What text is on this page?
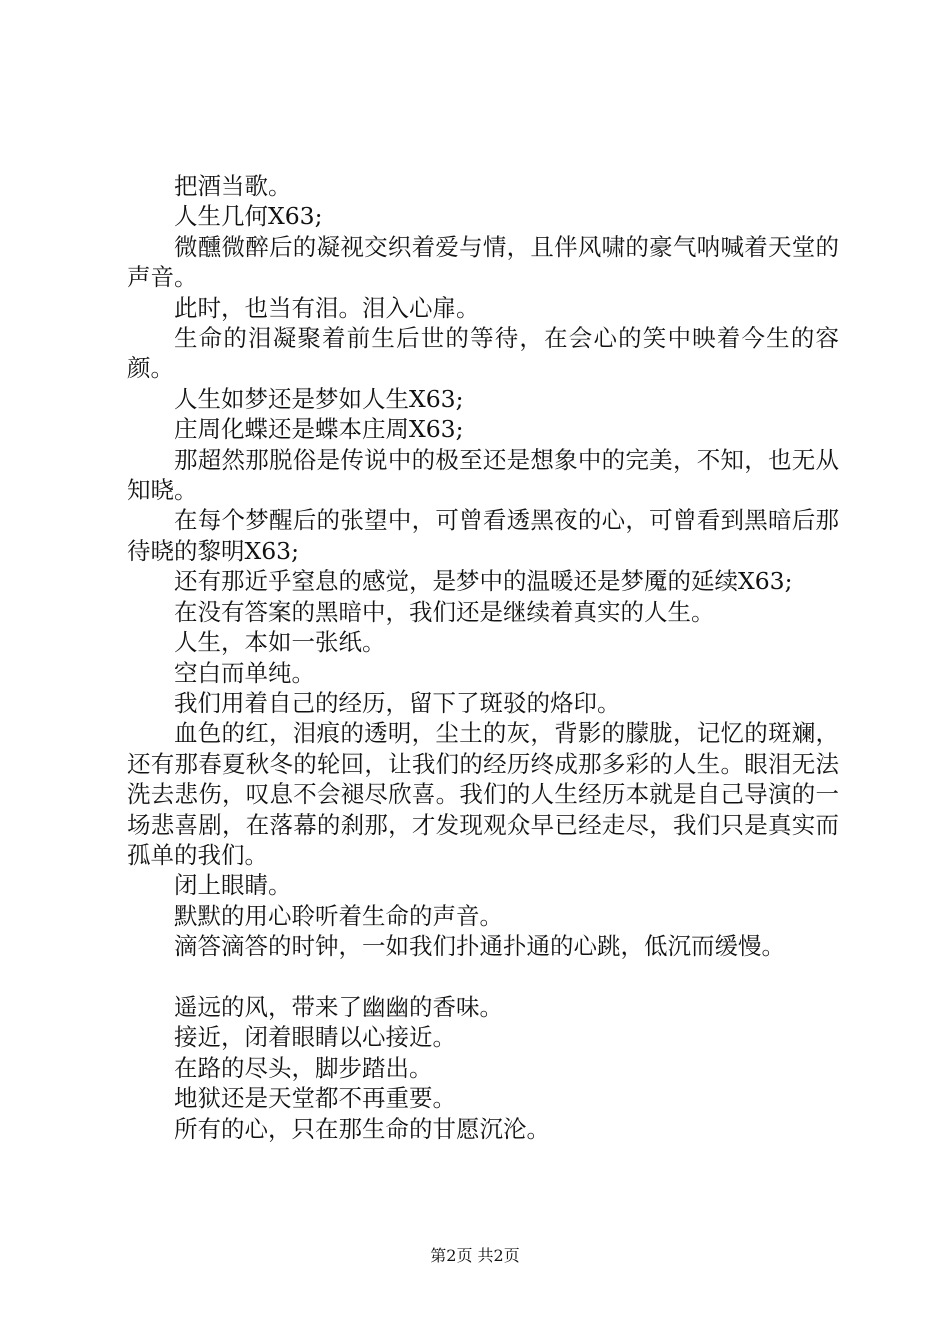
把酒当歌。

人生几何X63;

微醺微醉后的凝视交织着爱与情，且伴风啸的豪气呐喊着天堂的声音。

此时，也当有泪。泪入心扉。

生命的泪凝聚着前生后世的等待，在会心的笑中映着今生的容颜。

人生如梦还是梦如人生X63;

庄周化蝶还是蝶本庄周X63;

那超然那脱俗是传说中的极至还是想象中的完美，不知，也无从知晓。

在每个梦醒后的张望中，可曾看透黑夜的心，可曾看到黑暗后那待晓的黎明X63;

还有那近乎窒息的感觉，是梦中的温暖还是梦魇的延续X63;

在没有答案的黑暗中，我们还是继续着真实的人生。

人生，本如一张纸。

空白而单纯。

我们用着自己的经历，留下了斑驳的烙印。

血色的红，泪痕的透明，尘土的灰，背影的朦胧，记忆的斑斓，还有那春夏秋冬的轮回，让我们的经历终成那多彩的人生。眼泪无法洗去悲伤，叹息不会褪尽欣喜。我们的人生经历本就是自己导演的一场悲喜剧，在落幕的刹那，才发现观众早已经走尽，我们只是真实而孤单的我们。

闭上眼睛。

默默的用心聆听着生命的声音。

滴答滴答的时钟，一如我们扑通扑通的心跳，低沉而缓慢。

遥远的风，带来了幽幽的香味。

接近，闭着眼睛以心接近。

在路的尽头，脚步踏出。

地狱还是天堂都不再重要。

所有的心，只在那生命的甘愿沉沦。

第2页 共2页
